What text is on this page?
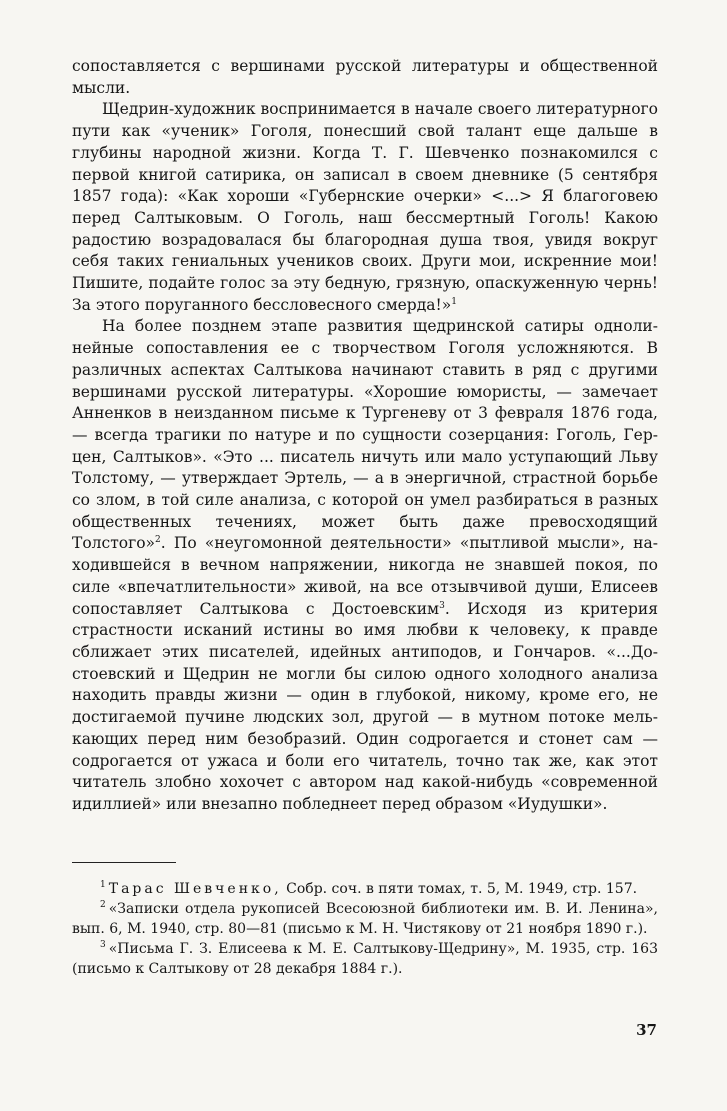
сопоставляется с вершинами русской литературы и общественной мысли.

Щедрин-художник воспринимается в начале своего литературного пути как «ученик» Гоголя, понесший свой талант еще дальше в глубины народной жизни. Когда Т. Г. Шевченко познакомился с первой книгой сатирика, он записал в своем дневнике (5 сентября 1857 года): «Как хороши «Губернские очерки» <...> Я благоговею перед Салтыковым. О Гоголь, наш бессмертный Гоголь! Какою радостию возрадовалася бы благородная душа твоя, увидя вокруг себя таких гениальных учеников своих. Други мои, искренние мои! Пишите, подайте голос за эту бедную, грязную, опаскуженную чернь! За этого поруганного бессловесного смерда!»$^1$

На более позднем этапе развития щедринской сатиры однолинейные сопоставления ее с творчеством Гоголя усложняются. В различных аспектах Салтыкова начинают ставить в ряд с другими вершинами русской литературы. «Хорошие юмористы, — замечает Анненков в неизданном письме к Тургеневу от 3 февраля 1876 года, — всегда трагики по натуре и по сущности созерцания: Гоголь, Герцен, Салтыков». «Это ... писатель ничуть или мало уступающий Льву Толстому, — утверждает Эртель, — а в энергичной, страстной борьбе со злом, в той силе анализа, с которой он умел разбираться в разных общественных течениях, может быть даже превосходящий Толстого»$^2$. По «неугомонной деятельности» «пытливой мысли», находившейся в вечном напряжении, никогда не знавшей покоя, по силе «впечатлительности» живой, на все отзывчивой души, Елисеев сопоставляет Салтыкова с Достоевским$^3$. Исходя из критерия страстности исканий истины во имя любви к человеку, к правде сближает этих писателей, идейных антиподов, и Гончаров. «...Достоевский и Щедрин не могли бы силою одного холодного анализа находить правды жизни — один в глубокой, никому, кроме его, не достигаемой пучине людских зол, другой — в мутном потоке мелькающих перед ним безобразий. Один содрогается и стонет сам — содрогается от ужаса и боли его читатель, точно так же, как этот читатель злобно хохочет с автором над какой-нибудь «современной идиллией» или внезапно побледнеет перед образом «Иудушки».

$^1$ Тарас Шевченко, Собр. соч. в пяти томах, т. 5, М. 1949, стр. 157.

$^2$ «Записки отдела рукописей Всесоюзной библиотеки им. В. И. Ленина», вып. 6, М. 1940, стр. 80—81 (письмо к М. Н. Чистякову от 21 ноября 1890 г.).

$^3$ «Письма Г. З. Елисеева к М. Е. Салтыкову-Щедрину», М. 1935, стр. 163 (письмо к Салтыкову от 28 декабря 1884 г.).

37
